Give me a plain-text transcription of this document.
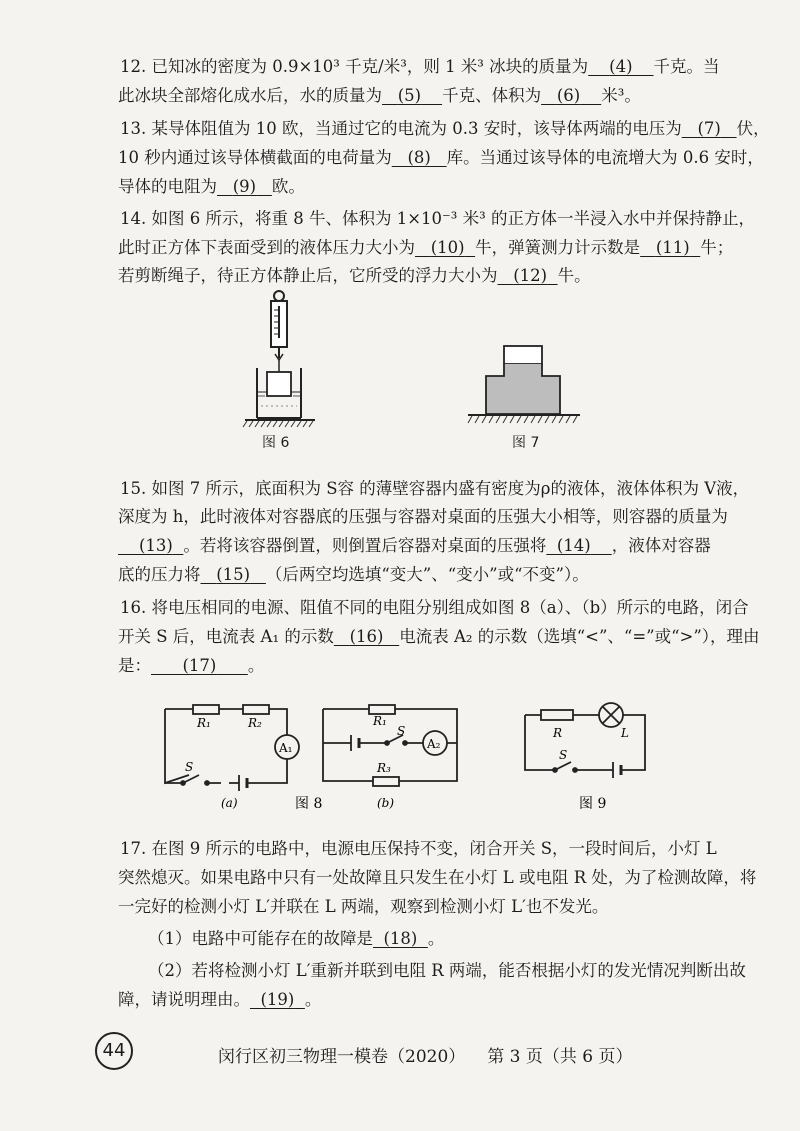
12. 已知冰的密度为 0.9×10³ 千克/米³，则 1 米³ 冰块的质量为 (4) 千克。当
此冰块全部熔化成水后，水的质量为 (5) 千克、体积为 (6) 米³。
13. 某导体阻值为 10 欧，当通过它的电流为 0.3 安时，该导体两端的电压为 (7) 伏，
10 秒内通过该导体横截面的电荷量为 (8) 库。当通过该导体的电流增大为 0.6 安时，
导体的电阻为 (9) 欧。
14. 如图 6 所示，将重 8 牛、体积为 1×10⁻³ 米³ 的正方体一半浸入水中并保持静止，
此时正方体下表面受到的液体压力大小为 (10) 牛，弹簧测力计示数是 (11) 牛；
若剪断绳子，待正方体静止后，它所受的浮力大小为 (12) 牛。
图 6	图 7
15. 如图 7 所示，底面积为 S容 的薄壁容器内盛有密度为ρ的液体，液体体积为 V液，
深度为 h，此时液体对容器底的压强与容器对桌面的压强大小相等，则容器的质量为
(13) 。若将该容器倒置，则倒置后容器对桌面的压强将 (14) ，液体对容器
底的压力将 (15) （后两空均选填“变大”、“变小”或“不变”）。
16. 将电压相同的电源、阻值不同的电阻分别组成如图 8（a）、（b）所示的电路，闭合
开关 S 后，电流表 A₁ 的示数 (16) 电流表 A₂ 的示数（选填“<”、“=”或“>”），理由
是： (17) 。
R₁	R₂
A₁
S
R₁
S
A₂
R₃
(a)	图 8	(b)
R	L
S
图 9
17. 在图 9 所示的电路中，电源电压保持不变，闭合开关 S，一段时间后，小灯 L
突然熄灭。如果电路中只有一处故障且只发生在小灯 L 或电阻 R 处，为了检测故障，将
一完好的检测小灯 L′并联在 L 两端，观察到检测小灯 L′也不发光。
（1）电路中可能存在的故障是 (18) 。
（2）若将检测小灯 L′重新并联到电阻 R 两端，能否根据小灯的发光情况判断出故
障，请说明理由。 (19) 。
44	闵行区初三物理一模卷（2020） 第 3 页（共 6 页）
